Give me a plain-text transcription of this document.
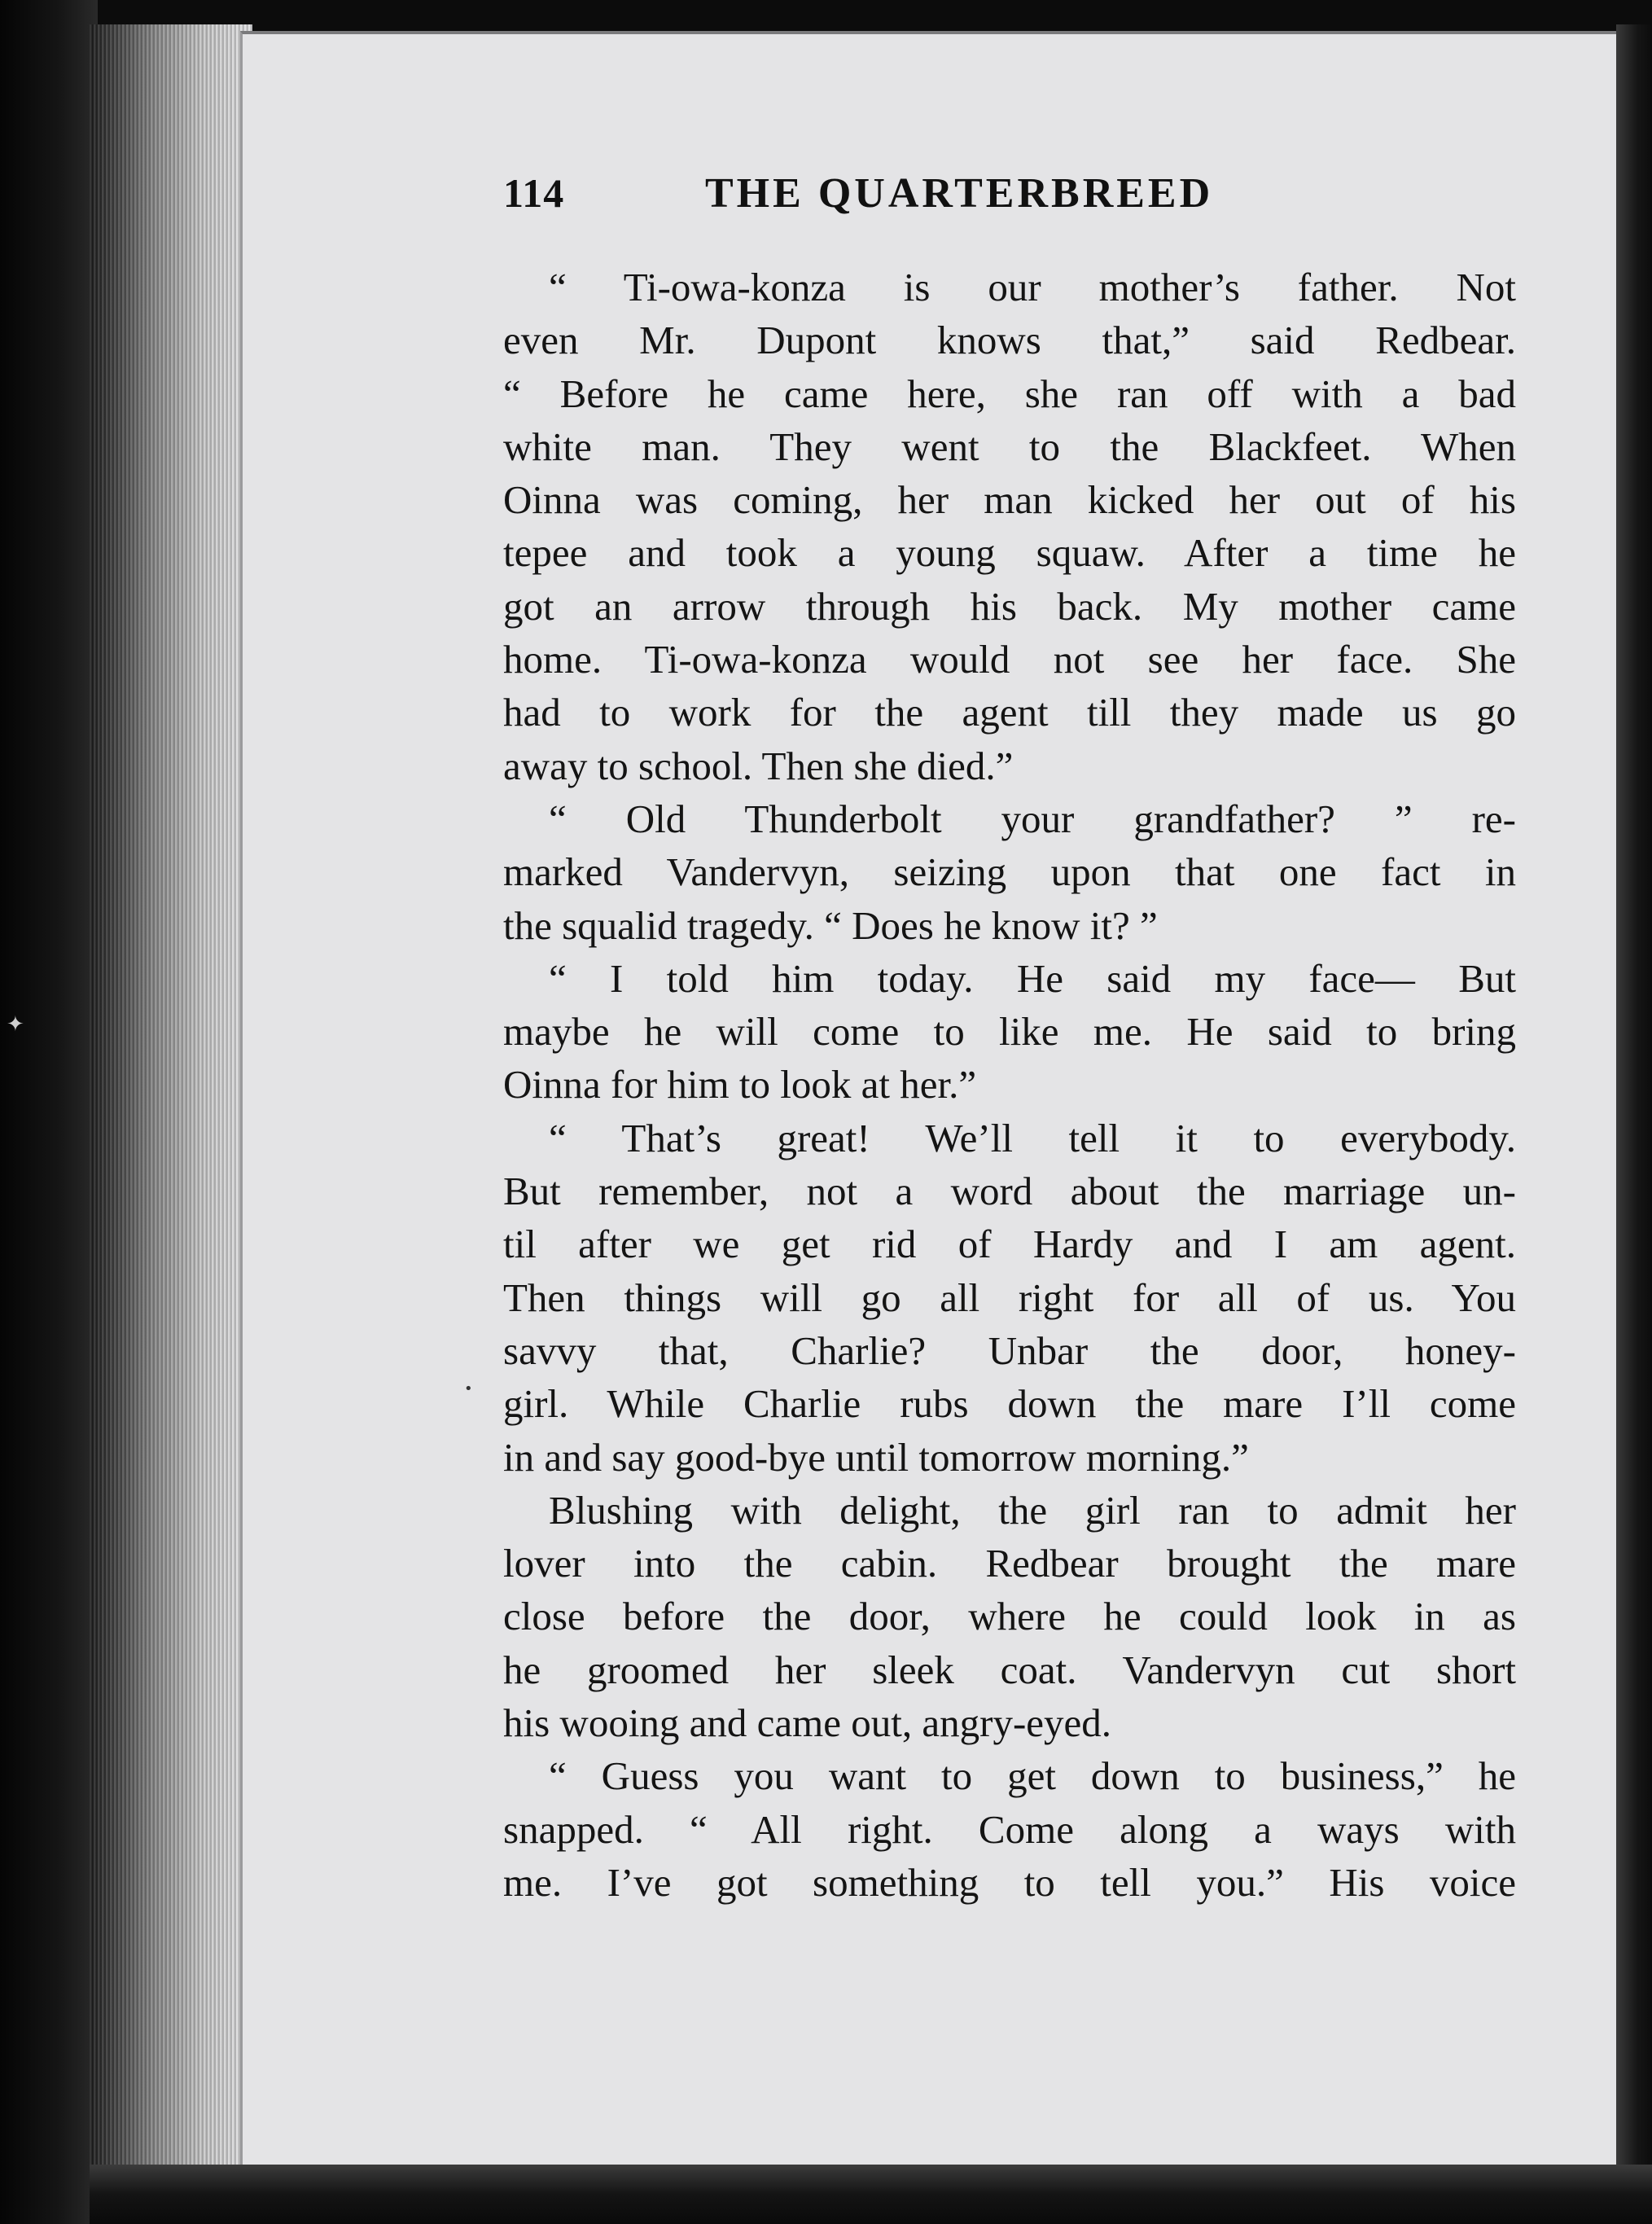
✦
•
114	THE QUARTERBREED
“ Ti-owa-konza is our mother’s father. Not
even Mr. Dupont knows that,” said Redbear.
“ Before he came here, she ran off with a bad
white man. They went to the Blackfeet. When
Oinna was coming, her man kicked her out of his
tepee and took a young squaw. After a time he
got an arrow through his back. My mother came
home. Ti-owa-konza would not see her face. She
had to work for the agent till they made us go
away to school. Then she died.”
“ Old Thunderbolt your grandfather? ” re-
marked Vandervyn, seizing upon that one fact in
the squalid tragedy. “ Does he know it? ”
“ I told him today. He said my face— But
maybe he will come to like me. He said to bring
Oinna for him to look at her.”
“ That’s great! We’ll tell it to everybody.
But remember, not a word about the marriage un-
til after we get rid of Hardy and I am agent.
Then things will go all right for all of us. You
savvy that, Charlie? Unbar the door, honey-
girl. While Charlie rubs down the mare I’ll come
in and say good-bye until tomorrow morning.”
Blushing with delight, the girl ran to admit her
lover into the cabin. Redbear brought the mare
close before the door, where he could look in as
he groomed her sleek coat. Vandervyn cut short
his wooing and came out, angry-eyed.
“ Guess you want to get down to business,” he
snapped. “ All right. Come along a ways with
me. I’ve got something to tell you.” His voice
